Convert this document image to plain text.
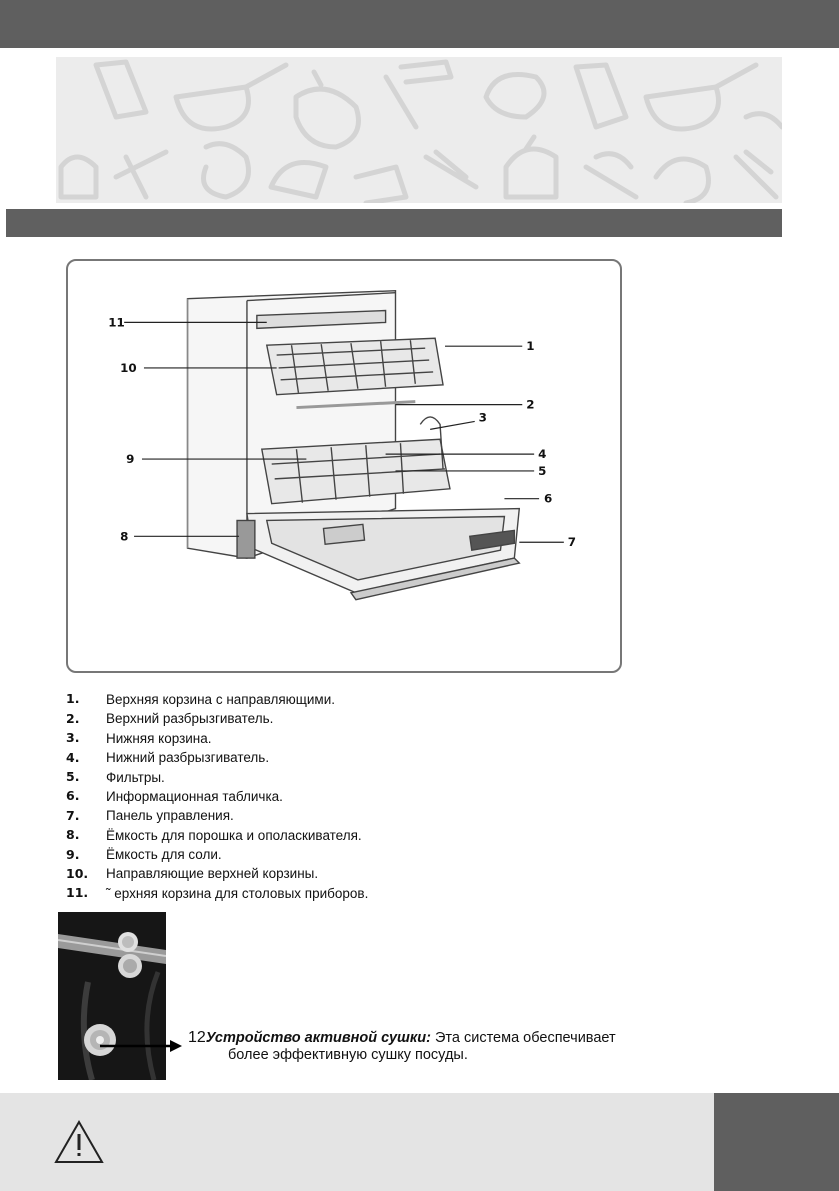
11
10
1
2
3
4
5
6
7
8
9
1.	Верхняя корзина с направляющими.
2.	Верхний разбрызгиватель.
3.	Нижняя корзина.
4.	Нижний разбрызгиватель.
5.	Фильтры.
6.	Информационная табличка.
7.	Панель управления.
8.	Ёмкость для порошка и ополаскивателя.
9.	Ёмкость для соли.
10.	Направляющие верхней корзины.
11.	˜ ерхняя корзина для столовых приборов.
12Устройство активной сушки: Эта система обеспечивает
более эффективную сушку посуды.
